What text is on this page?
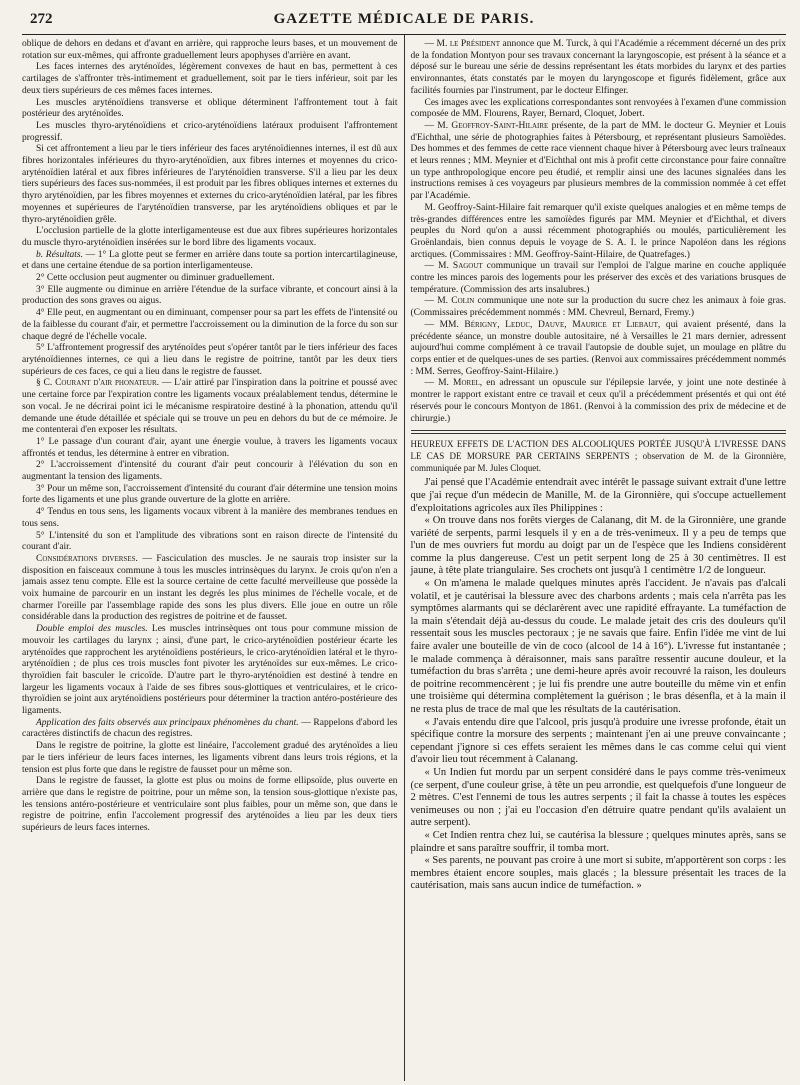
272	GAZETTE MÉDICALE DE PARIS.

oblique de dehors en dedans et d'avant en arrière, qui rapproche leurs bases, et un mouvement de rotation sur eux-mêmes, qui affronte graduellement leurs apophyses d'arrière en avant.

Les faces internes des aryténoïdes, légèrement convexes de haut en bas, permettent à ces cartilages de s'affronter très-intimement et graduellement, soit par le tiers inférieur, soit par les deux tiers supérieurs de ces mêmes faces internes.

Les muscles aryténoïdiens transverse et oblique déterminent l'affrontement tout à fait postérieur des aryténoïdes.

Les muscles thyro-aryténoïdiens et crico-aryténoïdiens latéraux produisent l'affrontement progressif.

Si cet affrontement a lieu par le tiers inférieur des faces aryténoïdiennes internes, il est dû aux fibres horizontales inférieures du thyro-aryténoïdien, aux fibres internes et moyennes du crico-aryténoïdien latéral et aux fibres inférieures de l'aryténoïdien transverse. S'il a lieu par les deux tiers supérieurs des faces sus-nommées, il est produit par les fibres obliques internes et externes du thyro aryténoïdien, par les fibres moyennes et externes du crico-aryténoïdien latéral, par les fibres moyennes et supérieures de l'aryténoïdien transverse, par les aryténoïdiens obliques et par le thyro-aryténoïdien grêle.

L'occlusion partielle de la glotte interligamenteuse est due aux fibres supérieures horizontales du muscle thyro-aryténoïdien insérées sur le bord libre des ligaments vocaux.

b. Résultats. — 1° La glotte peut se fermer en arrière dans toute sa portion intercartilagineuse, et dans une certaine étendue de sa portion interligamenteuse.

2° Cette occlusion peut augmenter ou diminuer graduellement.

3° Elle augmente ou diminue en arrière l'étendue de la surface vibrante, et concourt ainsi à la production des sons graves ou aigus.

4° Elle peut, en augmentant ou en diminuant, compenser pour sa part les effets de l'intensité ou de la faiblesse du courant d'air, et permettre l'accroissement ou la diminution de la force du son sur chaque degré de l'échelle vocale.

5° L'affrontement progressif des aryténoïdes peut s'opérer tantôt par le tiers inférieur des faces aryténoïdiennes internes, ce qui a lieu dans le registre de poitrine, tantôt par les deux tiers supérieurs de ces faces, ce qui a lieu dans le registre de fausset.

§ C. Courant d'air phonateur. — L'air attiré par l'inspiration dans la poitrine et poussé avec une certaine force par l'expiration contre les ligaments vocaux préalablement tendus, détermine le son vocal. Je ne décrirai point ici le mécanisme respiratoire destiné à la phonation, attendu qu'il demande une étude détaillée et spéciale qui se trouve un peu en dehors du but de ce mémoire. Je me contenterai d'en exposer les résultats.

1° Le passage d'un courant d'air, ayant une énergie voulue, à travers les ligaments vocaux affrontés et tendus, les détermine à entrer en vibration.

2° L'accroissement d'intensité du courant d'air peut concourir à l'élévation du son en augmentant la tension des ligaments.

3° Pour un même son, l'accroissement d'intensité du courant d'air détermine une tension moins forte des ligaments et une plus grande ouverture de la glotte en arrière.

4° Tendus en tous sens, les ligaments vocaux vibrent à la manière des membranes tendues en tous sens.

5° L'intensité du son et l'amplitude des vibrations sont en raison directe de l'intensité du courant d'air.

Considérations diverses. — Fasciculation des muscles. Je ne saurais trop insister sur la disposition en faisceaux commune à tous les muscles intrinsèques du larynx. Je crois qu'on n'en a jamais assez tenu compte. Elle est la source certaine de cette faculté merveilleuse que possède la voix humaine de parcourir en un instant les degrés les plus minimes de l'échelle vocale, et de charmer l'oreille par l'assemblage rapide des sons les plus divers. Elle joue en outre un rôle considérable dans la production des registres de poitrine et de fausset.

Double emploi des muscles. Les muscles intrinsèques ont tous pour commune mission de mouvoir les cartilages du larynx ; ainsi, d'une part, le crico-aryténoïdien postérieur écarte les aryténoïdes que rapprochent les aryténoïdiens postérieurs, le crico-aryténoïdien latéral et le thyro-aryténoïdien ; de plus ces trois muscles font pivoter les aryténoïdes sur eux-mêmes. Le crico-thyroïdien fait basculer le cricoïde. D'autre part le thyro-aryténoïdien est destiné à tendre en largeur les ligaments vocaux à l'aide de ses fibres sous-glottiques et ventriculaires, et le crico-thyroïdien se joint aux aryténoïdiens postérieurs pour déterminer la traction antéro-postérieure des ligaments.

Application des faits observés aux principaux phénomènes du chant. — Rappelons d'abord les caractères distinctifs de chacun des registres.

Dans le registre de poitrine, la glotte est linéaire, l'accolement gradué des aryténoïdes a lieu par le tiers inférieur de leurs faces internes, les ligaments vibrent dans leurs trois régions, et la tension est plus forte que dans le registre de fausset pour un même son.

Dans le registre de fausset, la glotte est plus ou moins de forme ellipsoïde, plus ouverte en arrière que dans le registre de poitrine, pour un même son, la tension sous-glottique n'existe pas, les tensions antéro-postérieure et ventriculaire sont plus faibles, pour un même son, que dans le registre de poitrine, enfin l'accolement progressif des aryténoïdes a lieu par les deux tiers supérieurs de leurs faces internes.

— M. le Président annonce que M. Turck, à qui l'Académie a récemment décerné un des prix de la fondation Montyon pour ses travaux concernant la laryngoscopie, est présent à la séance et a déposé sur le bureau une série de dessins représentant les états morbides du larynx et des parties environnantes, états constatés par le moyen du laryngoscope et figurés fidèlement, grâce aux facilités fournies par l'instrument, par le docteur Elfinger.

Ces images avec les explications correspondantes sont renvoyées à l'examen d'une commission composée de MM. Flourens, Rayer, Bernard, Cloquet, Jobert.

— M. Geoffroy-Saint-Hilaire présente, de la part de MM. le docteur G. Meynier et Louis d'Eichthal, une série de photographies faites à Pétersbourg, et représentant plusieurs Samoïèdes. Des hommes et des femmes de cette race viennent chaque hiver à Pétersbourg avec leurs traîneaux et leurs rennes ; MM. Meynier et d'Eichthal ont mis à profit cette circonstance pour faire connaître un type anthropologique encore peu étudié, et remplir ainsi une des lacunes signalées dans les instructions remises à ces voyageurs par plusieurs membres de la commission nommée à cet effet par l'Académie.

M. Geoffroy-Saint-Hilaire fait remarquer qu'il existe quelques analogies et en même temps de très-grandes différences entre les samoïèdes figurés par MM. Meynier et d'Eichthal, et divers peuples du Nord qu'on a aussi récemment photographiés ou moulés, particulièrement les Groënlandais, bien connus depuis le voyage de S. A. I. le prince Napoléon dans les régions arctiques. (Commissaires : MM. Geoffroy-Saint-Hilaire, de Quatrefages.)

— M. Sagout communique un travail sur l'emploi de l'algue marine en couche appliquée contre les minces parois des logements pour les préserver des excès et des variations brusques de température. (Commission des arts insalubres.)

— M. Colin communique une note sur la production du sucre chez les animaux à foie gras. (Commissaires précédemment nommés : MM. Chevreul, Bernard, Fremy.)

— MM. Bérigny, Leduc, Dauve, Maurice et Liebaut, qui avaient présenté, dans la précédente séance, un monstre double autositaire, né à Versailles le 21 mars dernier, adressent aujourd'hui comme complément à ce travail l'autopsie de double sujet, un moulage en plâtre du corps entier et de quelques-unes de ses parties. (Renvoi aux commissaires précédemment nommés : MM. Serres, Geoffroy-Saint-Hilaire.)

— M. Morel, en adressant un opuscule sur l'épilepsie larvée, y joint une note destinée à montrer le rapport existant entre ce travail et ceux qu'il a précédemment présentés et qui ont été réservés pour le concours Montyon de 1861. (Renvoi à la commission des prix de médecine et de chirurgie.)

HEUREUX EFFETS DE L'ACTION DES ALCOOLIQUES PORTÉE JUSQU'À L'IVRESSE DANS LE CAS DE MORSURE PAR CERTAINS SERPENTS ; observation de M. de la Gironnière, communiquée par M. Jules Cloquet.

J'ai pensé que l'Académie entendrait avec intérêt le passage suivant extrait d'une lettre que j'ai reçue d'un médecin de Manille, M. de la Gironnière, qui s'occupe actuellement d'exploitations agricoles aux îles Philippines :

« On trouve dans nos forêts vierges de Calanang, dit M. de la Gironnière, une grande variété de serpents, parmi lesquels il y en a de très-venimeux. Il y a peu de temps que l'un de mes ouvriers fut mordu au doigt par un de l'espèce que les Indiens considèrent comme la plus dangereuse. C'est un petit serpent long de 25 à 30 centimètres. Il est jaune, à tête plate triangulaire. Ses crochets ont jusqu'à 1 centimètre 1/2 de longueur.

« On m'amena le malade quelques minutes après l'accident. Je n'avais pas d'alcali volatil, et je cautérisai la blessure avec des charbons ardents ; mais cela n'arrêta pas les symptômes alarmants qui se déclarèrent avec une rapidité effrayante. La tuméfaction de la main s'étendait déjà au-dessus du coude. Le malade jetait des cris des douleurs qu'il ressentait sous les muscles pectoraux ; je ne savais que faire. Enfin l'idée me vint de lui faire avaler une bouteille de vin de coco (alcool de 14 à 16°). L'ivresse fut instantanée ; le malade commença à déraisonner, mais sans paraître ressentir aucune douleur, et la tuméfaction du bras s'arrêta ; une demi-heure après avoir recouvré la raison, les douleurs de poitrine recommencèrent ; je lui fis prendre une autre bouteille du même vin et enfin une troisième qui détermina complètement la guérison ; le bras désenfla, et à la main il ne resta plus de trace de mal que les résultats de la cautérisation.

« J'avais entendu dire que l'alcool, pris jusqu'à produire une ivresse profonde, était un spécifique contre la morsure des serpents ; maintenant j'en ai une preuve convaincante ; cependant j'ignore si ces effets seraient les mêmes dans le cas comme celui qui vient d'avoir lieu tout récemment à Calanang.

« Un Indien fut mordu par un serpent considéré dans le pays comme très-venimeux (ce serpent, d'une couleur grise, à tête un peu arrondie, est quelquefois d'une longueur de 2 mètres. C'est l'ennemi de tous les autres serpents ; il fait la chasse à toutes les espèces venimeuses ou non ; j'ai eu l'occasion d'en détruire quatre pendant qu'ils avalaient un autre serpent).

« Cet Indien rentra chez lui, se cautérisa la blessure ; quelques minutes après, sans se plaindre et sans paraître souffrir, il tomba mort.

« Ses parents, ne pouvant pas croire à une mort si subite, m'apportèrent son corps : les membres étaient encore souples, mais glacés ; la blessure présentait les traces de la cautérisation, mais sans aucun indice de tuméfaction. »
